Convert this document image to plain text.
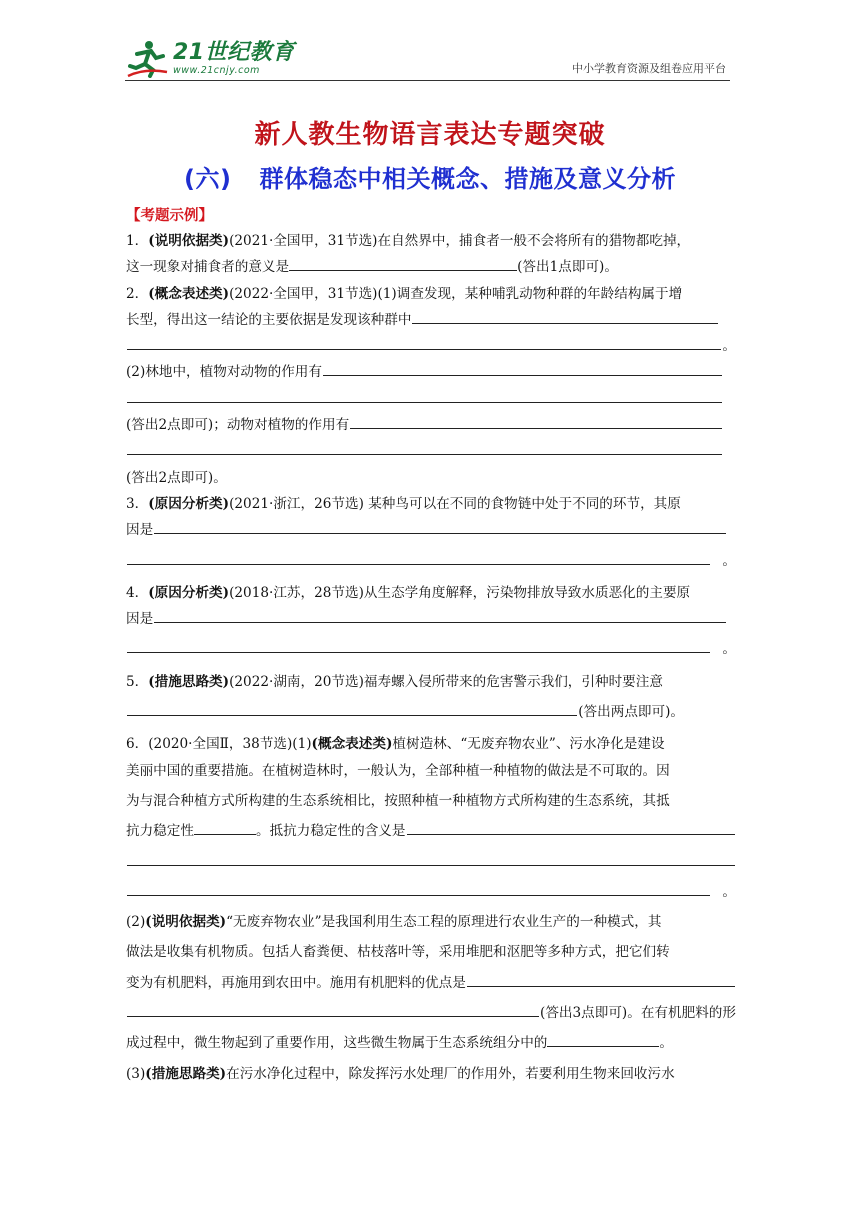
21世纪教育
www.21cnjy.com	中小学教育资源及组卷应用平台
新人教生物语言表达专题突破
(六) 群体稳态中相关概念、措施及意义分析
【考题示例】
1．(说明依据类)(2021·全国甲，31节选)在自然界中，捕食者一般不会将所有的猎物都吃掉，
这一现象对捕食者的意义是	(答出1点即可)。
2．(概念表述类)(2022·全国甲，31节选)(1)调查发现，某种哺乳动物种群的年龄结构属于增
长型，得出这一结论的主要依据是发现该种群中
。
(2)林地中，植物对动物的作用有
(答出2点即可)；动物对植物的作用有
(答出2点即可)。
3．(原因分析类)(2021·浙江，26节选) 某种鸟可以在不同的食物链中处于不同的环节，其原
因是
。
4．(原因分析类)(2018·江苏，28节选)从生态学角度解释，污染物排放导致水质恶化的主要原
因是
。
5．(措施思路类)(2022·湖南，20节选)福寿螺入侵所带来的危害警示我们，引种时要注意
(答出两点即可)。
6．(2020·全国Ⅱ，38节选)(1)(概念表述类)植树造林、“无废弃物农业”、污水净化是建设
美丽中国的重要措施。在植树造林时，一般认为，全部种植一种植物的做法是不可取的。因
为与混合种植方式所构建的生态系统相比，按照种植一种植物方式所构建的生态系统，其抵
抗力稳定性	。抵抗力稳定性的含义是
。
(2)(说明依据类)“无废弃物农业”是我国利用生态工程的原理进行农业生产的一种模式，其
做法是收集有机物质。包括人畜粪便、枯枝落叶等，采用堆肥和沤肥等多种方式，把它们转
变为有机肥料，再施用到农田中。施用有机肥料的优点是
(答出3点即可)。在有机肥料的形
成过程中，微生物起到了重要作用，这些微生物属于生态系统组分中的	。
(3)(措施思路类)在污水净化过程中，除发挥污水处理厂的作用外，若要利用生物来回收污水
